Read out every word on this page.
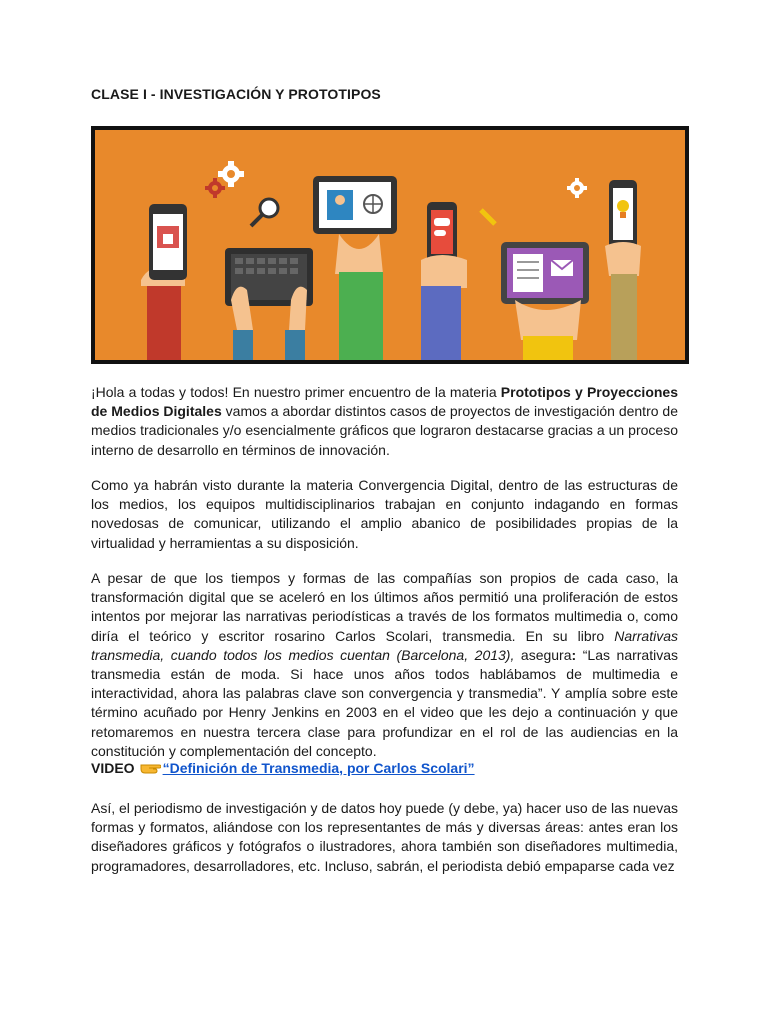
CLASE I - INVESTIGACIÓN Y PROTOTIPOS

¡Hola a todas y todos! En nuestro primer encuentro de la materia Prototipos y Proyecciones de Medios Digitales vamos a abordar distintos casos de proyectos de investigación dentro de medios tradicionales y/o esencialmente gráficos que lograron destacarse gracias a un proceso interno de desarrollo en términos de innovación.

Como ya habrán visto durante la materia Convergencia Digital, dentro de las estructuras de los medios, los equipos multidisciplinarios trabajan en conjunto indagando en formas novedosas de comunicar, utilizando el amplio abanico de posibilidades propias de la virtualidad y herramientas a su disposición.

A pesar de que los tiempos y formas de las compañías son propios de cada caso, la transformación digital que se aceleró en los últimos años permitió una proliferación de estos intentos por mejorar las narrativas periodísticas a través de los formatos multimedia o, como diría el teórico y escritor rosarino Carlos Scolari, transmedia. En su libro Narrativas transmedia, cuando todos los medios cuentan (Barcelona, 2013), asegura: “Las narrativas transmedia están de moda. Si hace unos años todos hablábamos de multimedia e interactividad, ahora las palabras clave son convergencia y transmedia”. Y amplía sobre este término acuñado por Henry Jenkins en 2003 en el video que les dejo a continuación y que retomaremos en nuestra tercera clase para profundizar en el rol de las audiencias en la constitución y complementación del concepto.

VIDEO “Definición de Transmedia, por Carlos Scolari”

Así, el periodismo de investigación y de datos hoy puede (y debe, ya) hacer uso de las nuevas formas y formatos, aliándose con los representantes de más y diversas áreas: antes eran los diseñadores gráficos y fotógrafos o ilustradores, ahora también son diseñadores multimedia, programadores, desarrolladores, etc. Incluso, sabrán, el periodista debió empaparse cada vez
